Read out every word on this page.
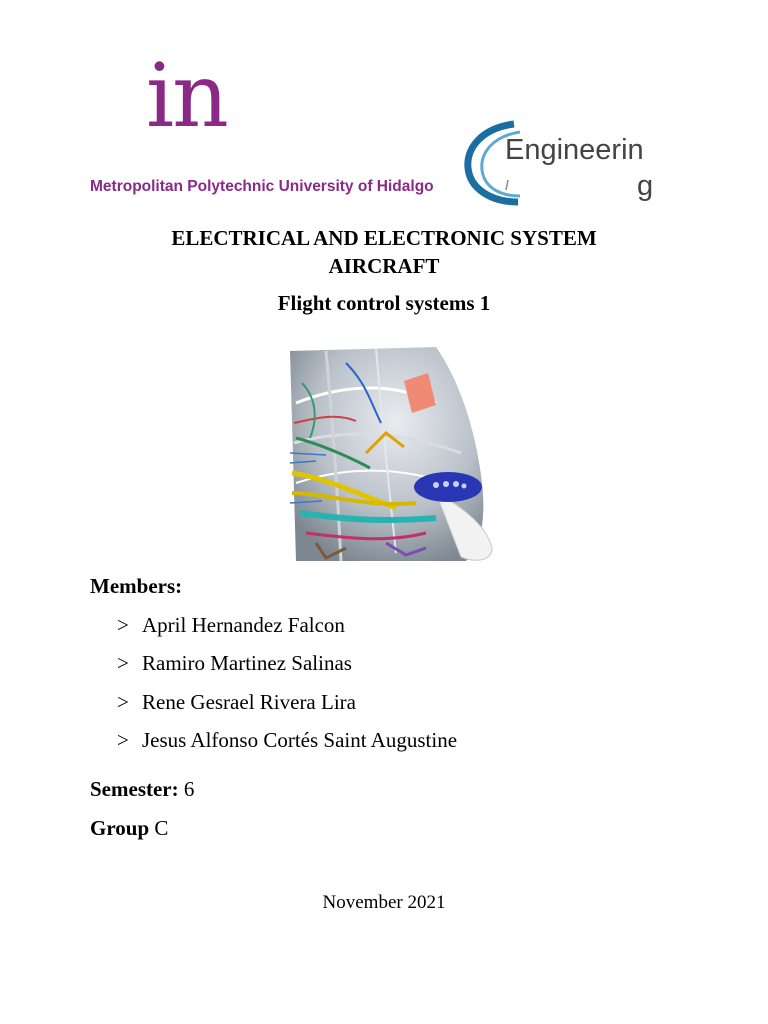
in
Metropolitan Polytechnic University of Hidalgo
Engineerin
g
ELECTRICAL AND ELECTRONIC SYSTEM
AIRCRAFT
Flight control systems 1
Members:
> April Hernandez Falcon
> Ramiro Martinez Salinas
> Rene Gesrael Rivera Lira
> Jesus Alfonso Cortés Saint Augustine
Semester: 6
Group C
November 2021
